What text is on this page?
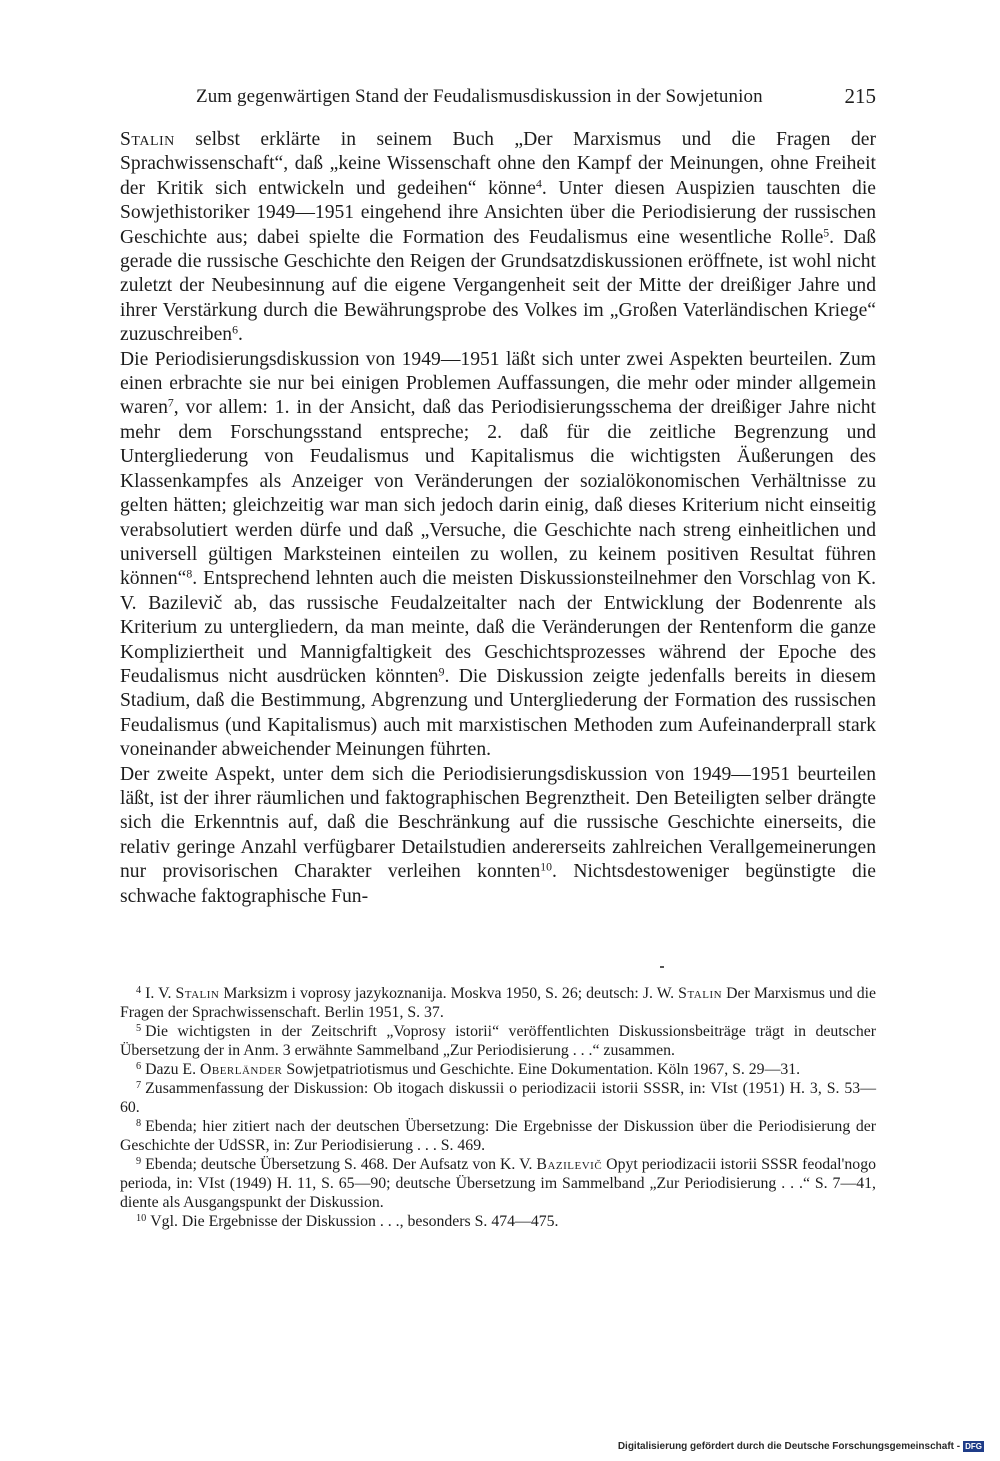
Zum gegenwärtigen Stand der Feudalismusdiskussion in der Sowjetunion	215

Stalin selbst erklärte in seinem Buch „Der Marxismus und die Fragen der Sprachwissenschaft“, daß „keine Wissenschaft ohne den Kampf der Meinungen, ohne Freiheit der Kritik sich entwickeln und gedeihen“ könne$^4$. Unter diesen Auspizien tauschten die Sowjethistoriker 1949—1951 eingehend ihre Ansichten über die Periodisierung der russischen Geschichte aus; dabei spielte die Formation des Feudalismus eine wesentliche Rolle$^5$. Daß gerade die russische Geschichte den Reigen der Grundsatzdiskussionen eröffnete, ist wohl nicht zuletzt der Neubesinnung auf die eigene Vergangenheit seit der Mitte der dreißiger Jahre und ihrer Verstärkung durch die Bewährungsprobe des Volkes im „Großen Vaterländischen Kriege“ zuzuschreiben$^6$.

Die Periodisierungsdiskussion von 1949—1951 läßt sich unter zwei Aspekten beurteilen. Zum einen erbrachte sie nur bei einigen Problemen Auffassungen, die mehr oder minder allgemein waren$^7$, vor allem: 1. in der Ansicht, daß das Periodisierungsschema der dreißiger Jahre nicht mehr dem Forschungsstand entspreche; 2. daß für die zeitliche Begrenzung und Untergliederung von Feudalismus und Kapitalismus die wichtigsten Äußerungen des Klassenkampfes als Anzeiger von Veränderungen der sozialökonomischen Verhältnisse zu gelten hätten; gleichzeitig war man sich jedoch darin einig, daß dieses Kriterium nicht einseitig verabsolutiert werden dürfe und daß „Versuche, die Geschichte nach streng einheitlichen und universell gültigen Marksteinen einteilen zu wollen, zu keinem positiven Resultat führen können“$^8$. Entsprechend lehnten auch die meisten Diskussionsteilnehmer den Vorschlag von K. V. Bazilevič ab, das russische Feudalzeitalter nach der Entwicklung der Bodenrente als Kriterium zu untergliedern, da man meinte, daß die Veränderungen der Rentenform die ganze Kompliziertheit und Mannigfaltigkeit des Geschichtsprozesses während der Epoche des Feudalismus nicht ausdrücken könnten$^9$. Die Diskussion zeigte jedenfalls bereits in diesem Stadium, daß die Bestimmung, Abgrenzung und Untergliederung der Formation des russischen Feudalismus (und Kapitalismus) auch mit marxistischen Methoden zum Aufeinanderprall stark voneinander abweichender Meinungen führten.

Der zweite Aspekt, unter dem sich die Periodisierungsdiskussion von 1949—1951 beurteilen läßt, ist der ihrer räumlichen und faktographischen Begrenztheit. Den Beteiligten selber drängte sich die Erkenntnis auf, daß die Beschränkung auf die russische Geschichte einerseits, die relativ geringe Anzahl verfügbarer Detailstudien andererseits zahlreichen Verallgemeinerungen nur provisorischen Charakter verleihen konnten$^{10}$. Nichtsdestoweniger begünstigte die schwache faktographische Fun-

$^4$ I. V. Stalin Marksizm i voprosy jazykoznanija. Moskva 1950, S. 26; deutsch: J. W. Stalin Der Marxismus und die Fragen der Sprachwissenschaft. Berlin 1951, S. 37.

$^5$ Die wichtigsten in der Zeitschrift „Voprosy istorii“ veröffentlichten Diskussionsbeiträge trägt in deutscher Übersetzung der in Anm. 3 erwähnte Sammelband „Zur Periodisierung . . .“ zusammen.

$^6$ Dazu E. Oberländer Sowjetpatriotismus und Geschichte. Eine Dokumentation. Köln 1967, S. 29—31.

$^7$ Zusammenfassung der Diskussion: Ob itogach diskussii o periodizacii istorii SSSR, in: VIst (1951) H. 3, S. 53—60.

$^8$ Ebenda; hier zitiert nach der deutschen Übersetzung: Die Ergebnisse der Diskussion über die Periodisierung der Geschichte der UdSSR, in: Zur Periodisierung . . . S. 469.

$^9$ Ebenda; deutsche Übersetzung S. 468. Der Aufsatz von K. V. Bazilevič Opyt periodizacii istorii SSSR feodal'nogo perioda, in: VIst (1949) H. 11, S. 65—90; deutsche Übersetzung im Sammelband „Zur Periodisierung . . .“ S. 7—41, diente als Ausgangspunkt der Diskussion.

$^{10}$ Vgl. Die Ergebnisse der Diskussion . . ., besonders S. 474—475.

Digitalisierung gefördert durch die Deutsche Forschungsgemeinschaft - DFG
